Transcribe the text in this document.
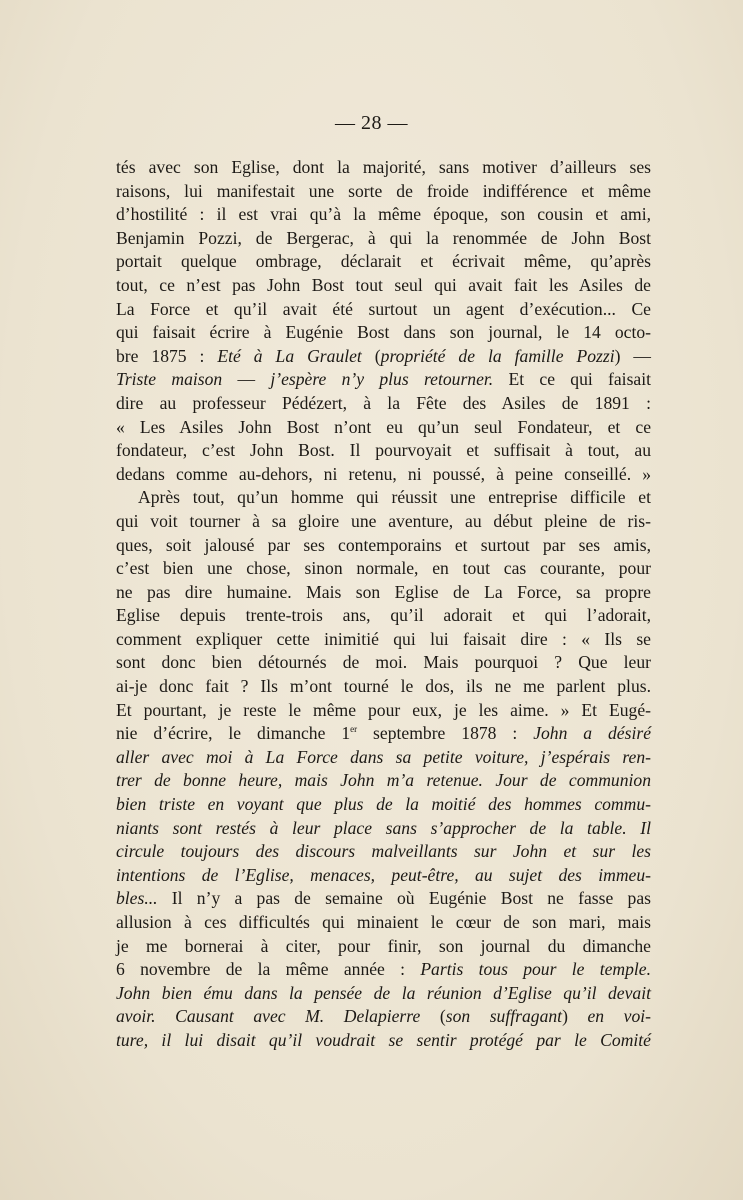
— 28 —

tés avec son Eglise, dont la majorité, sans motiver d’ailleurs ses

raisons, lui manifestait une sorte de froide indifférence et même

d’hostilité : il est vrai qu’à la même époque, son cousin et ami,

Benjamin Pozzi, de Bergerac, à qui la renommée de John Bost

portait quelque ombrage, déclarait et écrivait même, qu’après

tout, ce n’est pas John Bost tout seul qui avait fait les Asiles de

La Force et qu’il avait été surtout un agent d’exécution... Ce

qui faisait écrire à Eugénie Bost dans son journal, le 14 octo-

bre 1875 : Eté à La Graulet (propriété de la famille Pozzi) —

Triste maison — j’espère n’y plus retourner. Et ce qui faisait

dire au professeur Pédézert, à la Fête des Asiles de 1891 :

« Les Asiles John Bost n’ont eu qu’un seul Fondateur, et ce

fondateur, c’est John Bost. Il pourvoyait et suffisait à tout, au

dedans comme au-dehors, ni retenu, ni poussé, à peine conseillé. »

Après tout, qu’un homme qui réussit une entreprise difficile et

qui voit tourner à sa gloire une aventure, au début pleine de ris-

ques, soit jalousé par ses contemporains et surtout par ses amis,

c’est bien une chose, sinon normale, en tout cas courante, pour

ne pas dire humaine. Mais son Eglise de La Force, sa propre

Eglise depuis trente-trois ans, qu’il adorait et qui l’adorait,

comment expliquer cette inimitié qui lui faisait dire : « Ils se

sont donc bien détournés de moi. Mais pourquoi ? Que leur

ai-je donc fait ? Ils m’ont tourné le dos, ils ne me parlent plus.

Et pourtant, je reste le même pour eux, je les aime. » Et Eugé-

nie d’écrire, le dimanche 1er septembre 1878 : John a désiré

aller avec moi à La Force dans sa petite voiture, j’espérais ren-

trer de bonne heure, mais John m’a retenue. Jour de communion

bien triste en voyant que plus de la moitié des hommes commu-

niants sont restés à leur place sans s’approcher de la table. Il

circule toujours des discours malveillants sur John et sur les

intentions de l’Eglise, menaces, peut-être, au sujet des immeu-

bles... Il n’y a pas de semaine où Eugénie Bost ne fasse pas

allusion à ces difficultés qui minaient le cœur de son mari, mais

je me bornerai à citer, pour finir, son journal du dimanche

6 novembre de la même année : Partis tous pour le temple.

John bien ému dans la pensée de la réunion d’Eglise qu’il devait

avoir. Causant avec M. Delapierre (son suffragant) en voi-

ture, il lui disait qu’il voudrait se sentir protégé par le Comité
